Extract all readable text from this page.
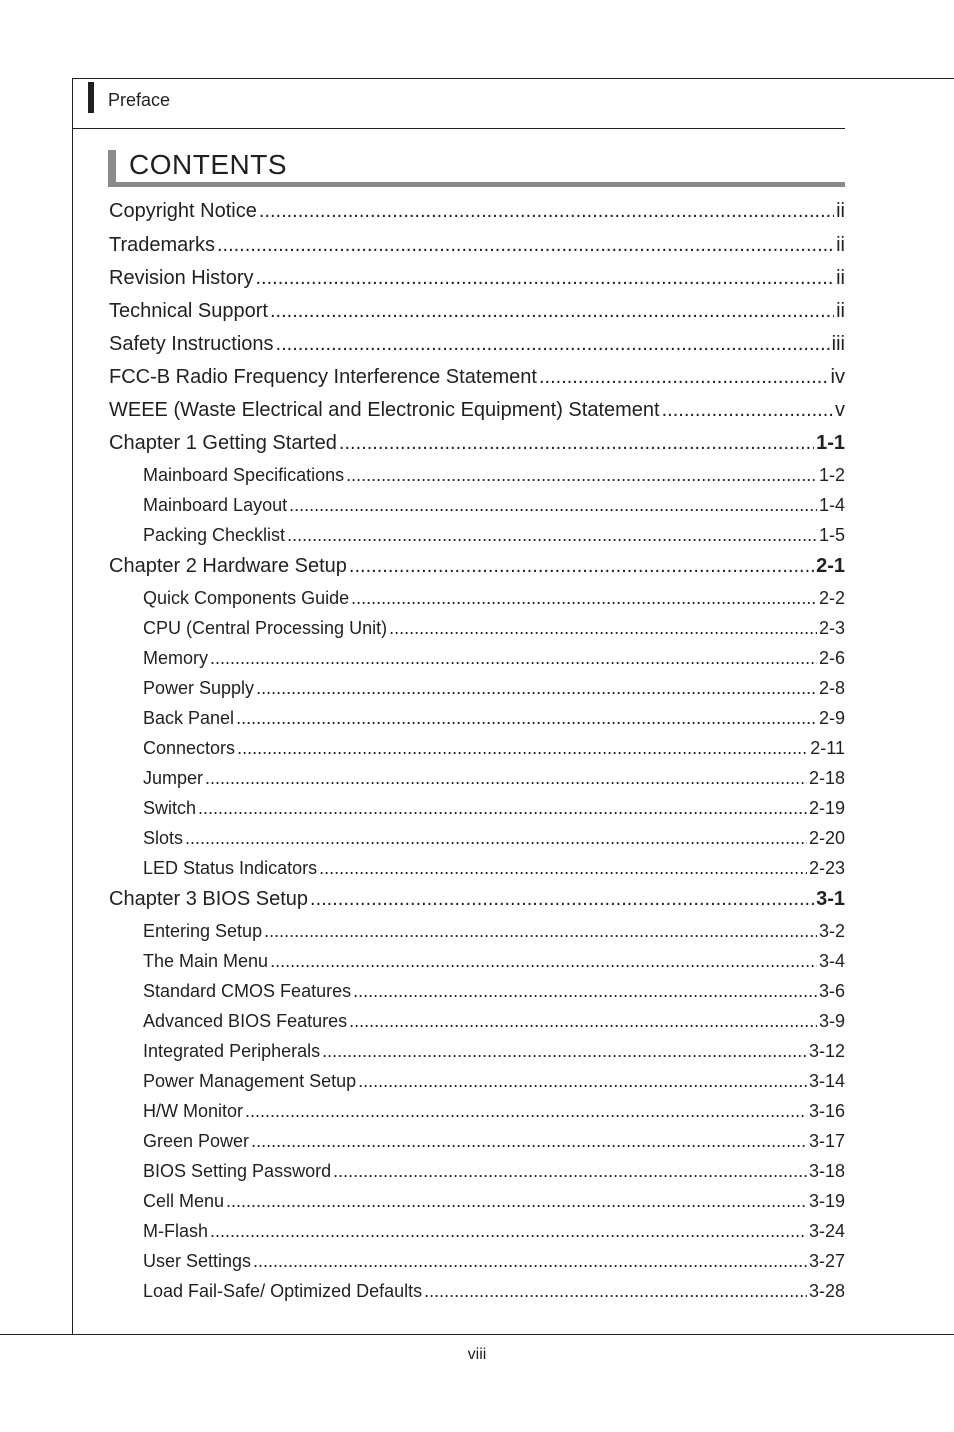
Preface
CONTENTS
Copyright Notice .....	ii
Trademarks .....	ii
Revision History .....	ii
Technical Support .....	ii
Safety Instructions .....	iii
FCC-B Radio Frequency Interference Statement .....	iv
WEEE (Waste Electrical and Electronic Equipment) Statement .....	v
Chapter 1 Getting Started .....	1-1
Mainboard Specifications .....	1-2
Mainboard Layout .....	1-4
Packing Checklist .....	1-5
Chapter 2 Hardware Setup .....	2-1
Quick Components Guide .....	2-2
CPU (Central Processing Unit) .....	2-3
Memory .....	2-6
Power Supply .....	2-8
Back Panel .....	2-9
Connectors .....	2-11
Jumper .....	2-18
Switch .....	2-19
Slots .....	2-20
LED Status Indicators .....	2-23
Chapter 3 BIOS Setup .....	3-1
Entering Setup .....	3-2
The Main Menu .....	3-4
Standard CMOS Features .....	3-6
Advanced BIOS Features .....	3-9
Integrated Peripherals .....	3-12
Power Management Setup .....	3-14
H/W Monitor .....	3-16
Green Power .....	3-17
BIOS Setting Password .....	3-18
Cell Menu .....	3-19
M-Flash .....	3-24
User Settings .....	3-27
Load Fail-Safe/ Optimized Defaults .....	3-28
viii
